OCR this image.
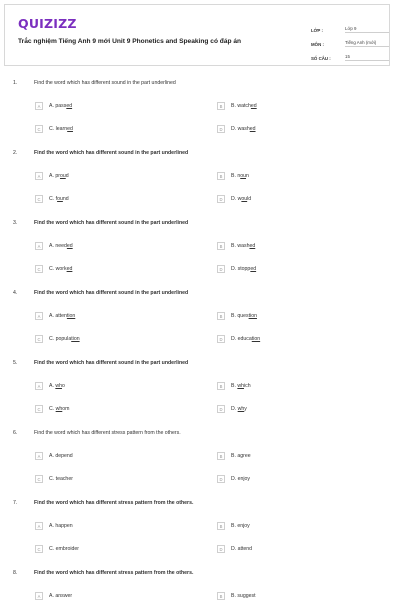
QUIZIZZ
Trắc nghiệm Tiếng Anh 9 mới Unit 9 Phonetics and Speaking có đáp án
LỚP :	Lớp 9
MÔN :	Tiếng Anh (mới)
SỐ CÂU :	15
1.	Find the word which has different sound in the part underlined
A	A. passed	B	B. watched
C	C. learned	D	D. washed
2.	Find the word which has different sound in the part underlined
A	A. proud	B	B. noun
C	C. found	D	D. would
3.	Find the word which has different sound in the part underlined
A	A. needed	B	B. washed
C	C. worked	D	D. stopped
4.	Find the word which has different sound in the part underlined
A	A. attention	B	B. question
C	C. population	D	D. education
5.	Find the word which has different sound in the part underlined
A	A. who	B	B. which
C	C. whom	D	D. why
6.	Find the word which has different stress pattern from the others.
A	A. depend	B	B. agree
C	C. teacher	D	D. enjoy
7.	Find the word which has different stress pattern from the others.
A	A. happen	B	B. enjoy
C	C. embroider	D	D. attend
8.	Find the word which has different stress pattern from the others.
A	A. answer	B	B. suggest
